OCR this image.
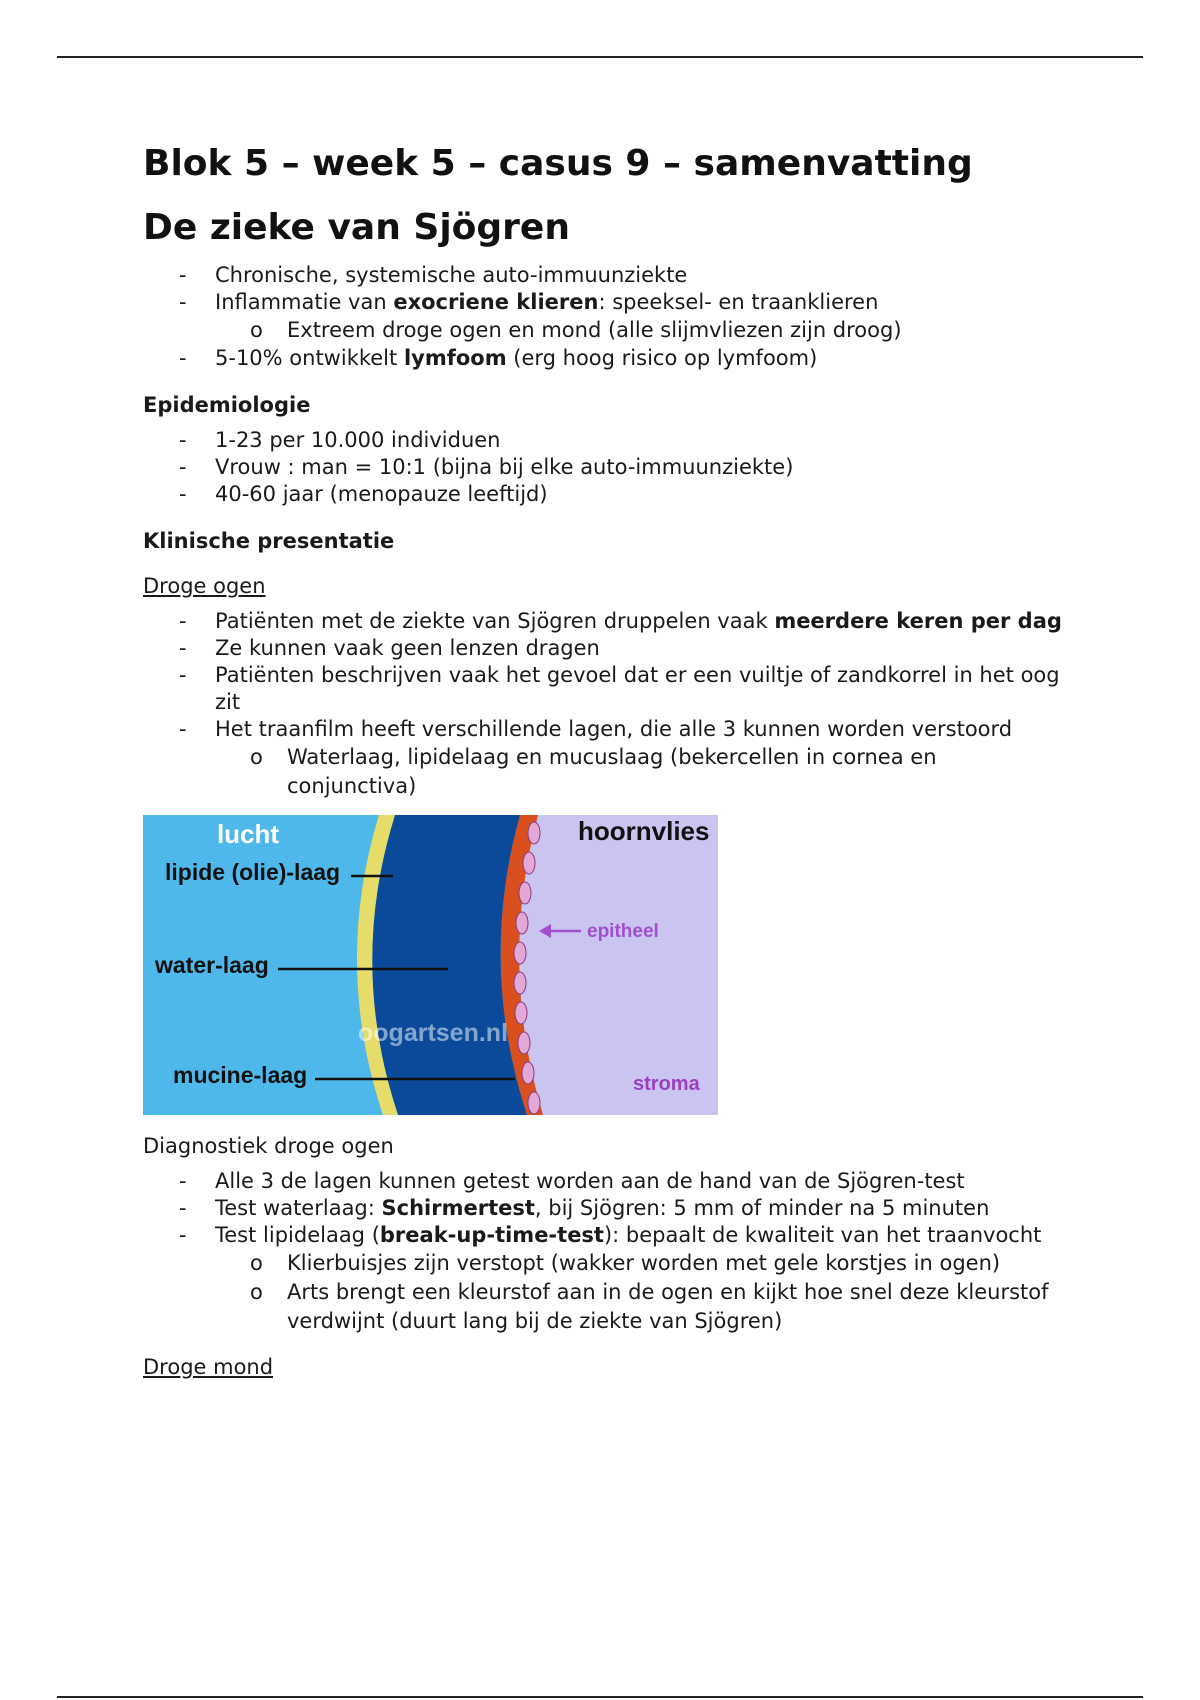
Blok 5 – week 5 – casus 9 – samenvatting
De zieke van Sjögren
- Chronische, systemische auto-immuunziekte
- Inflammatie van exocriene klieren: speeksel- en traanklieren
o Extreem droge ogen en mond (alle slijmvliezen zijn droog)
- 5-10% ontwikkelt lymfoom (erg hoog risico op lymfoom)
Epidemiologie
- 1-23 per 10.000 individuen
- Vrouw : man = 10:1 (bijna bij elke auto-immuunziekte)
- 40-60 jaar (menopauze leeftijd)
Klinische presentatie
Droge ogen
- Patiënten met de ziekte van Sjögren druppelen vaak meerdere keren per dag
- Ze kunnen vaak geen lenzen dragen
- Patiënten beschrijven vaak het gevoel dat er een vuiltje of zandkorrel in het oog zit
- Het traanfilm heeft verschillende lagen, die alle 3 kunnen worden verstoord
o Waterlaag, lipidelaag en mucuslaag (bekercellen in cornea en conjunctiva)
lucht	hoornvlies
lipide (olie)-laag
epitheel
water-laag
oogartsen.nl
mucine-laag	stroma
Diagnostiek droge ogen
- Alle 3 de lagen kunnen getest worden aan de hand van de Sjögren-test
- Test waterlaag: Schirmertest, bij Sjögren: 5 mm of minder na 5 minuten
- Test lipidelaag (break-up-time-test): bepaalt de kwaliteit van het traanvocht
o Klierbuisjes zijn verstopt (wakker worden met gele korstjes in ogen)
o Arts brengt een kleurstof aan in de ogen en kijkt hoe snel deze kleurstof verdwijnt (duurt lang bij de ziekte van Sjögren)
Droge mond
